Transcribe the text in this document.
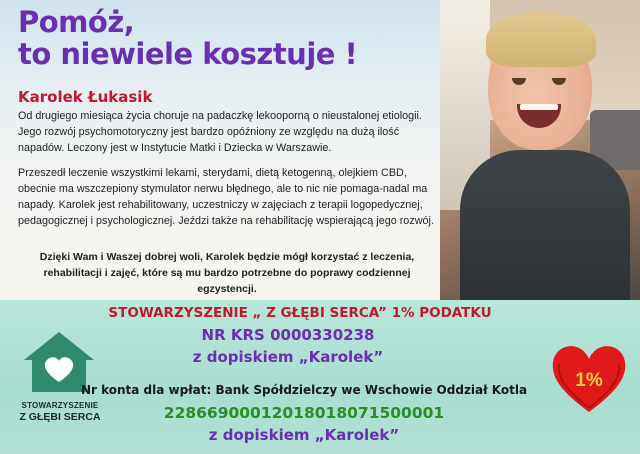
Pomóż,
to niewiele kosztuje !
Karolek Łukasik
Od drugiego miesiąca życia choruje na padaczkę lekooporną o nieustalonej etiologii. Jego rozwój psychomotoryczny jest bardzo opóźniony ze względu na dużą ilość napadów. Leczony jest w Instytucie Matki i Dziecka w Warszawie.
Przeszedł leczenie wszystkimi lekami, sterydami, dietą ketogenną, olejkiem CBD, obecnie ma wszczepiony stymulator nerwu błędnego, ale to nic nie pomaga-nadal ma napady. Karolek jest rehabilitowany, uczestniczy w zajęciach z terapii logopedycznej, pedagogicznej i psychologicznej. Jeździ także na rehabilitację wspierającą jego rozwój.
Dzięki Wam i Waszej dobrej woli, Karolek będzie mógł korzystać z leczenia, rehabilitacji i zajęć, które są mu bardzo potrzebne do poprawy codziennej egzystencji.
STOWARZYSZENIE
Z GŁĘBI SERCA
STOWARZYSZENIE „ Z GŁĘBI SERCA” 1% PODATKU
NR KRS 0000330238
z dopiskiem „Karolek”
Nr konta dla wpłat: Bank Spółdzielczy we Wschowie Oddział Kotla
22866900012018018071500001
z dopiskiem „Karolek”
1%
